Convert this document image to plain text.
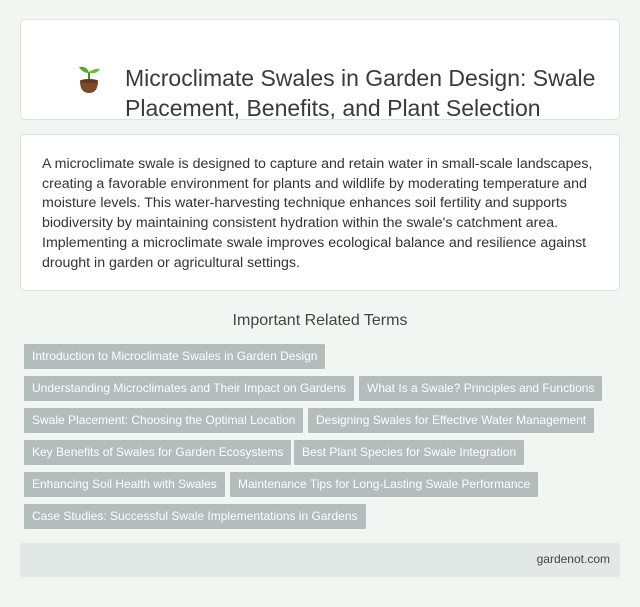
Microclimate Swales in Garden Design: Swale Placement, Benefits, and Plant Selection

A microclimate swale is designed to capture and retain water in small-scale landscapes, creating a favorable environment for plants and wildlife by moderating temperature and moisture levels. This water-harvesting technique enhances soil fertility and supports biodiversity by maintaining consistent hydration within the swale's catchment area. Implementing a microclimate swale improves ecological balance and resilience against drought in garden or agricultural settings.

Important Related Terms
Introduction to Microclimate Swales in Garden Design
Understanding Microclimates and Their Impact on Gardens	What Is a Swale? Principles and Functions
Swale Placement: Choosing the Optimal Location	Designing Swales for Effective Water Management
Key Benefits of Swales for Garden Ecosystems	Best Plant Species for Swale Integration
Enhancing Soil Health with Swales	Maintenance Tips for Long-Lasting Swale Performance
Case Studies: Successful Swale Implementations in Gardens
gardenot.com
